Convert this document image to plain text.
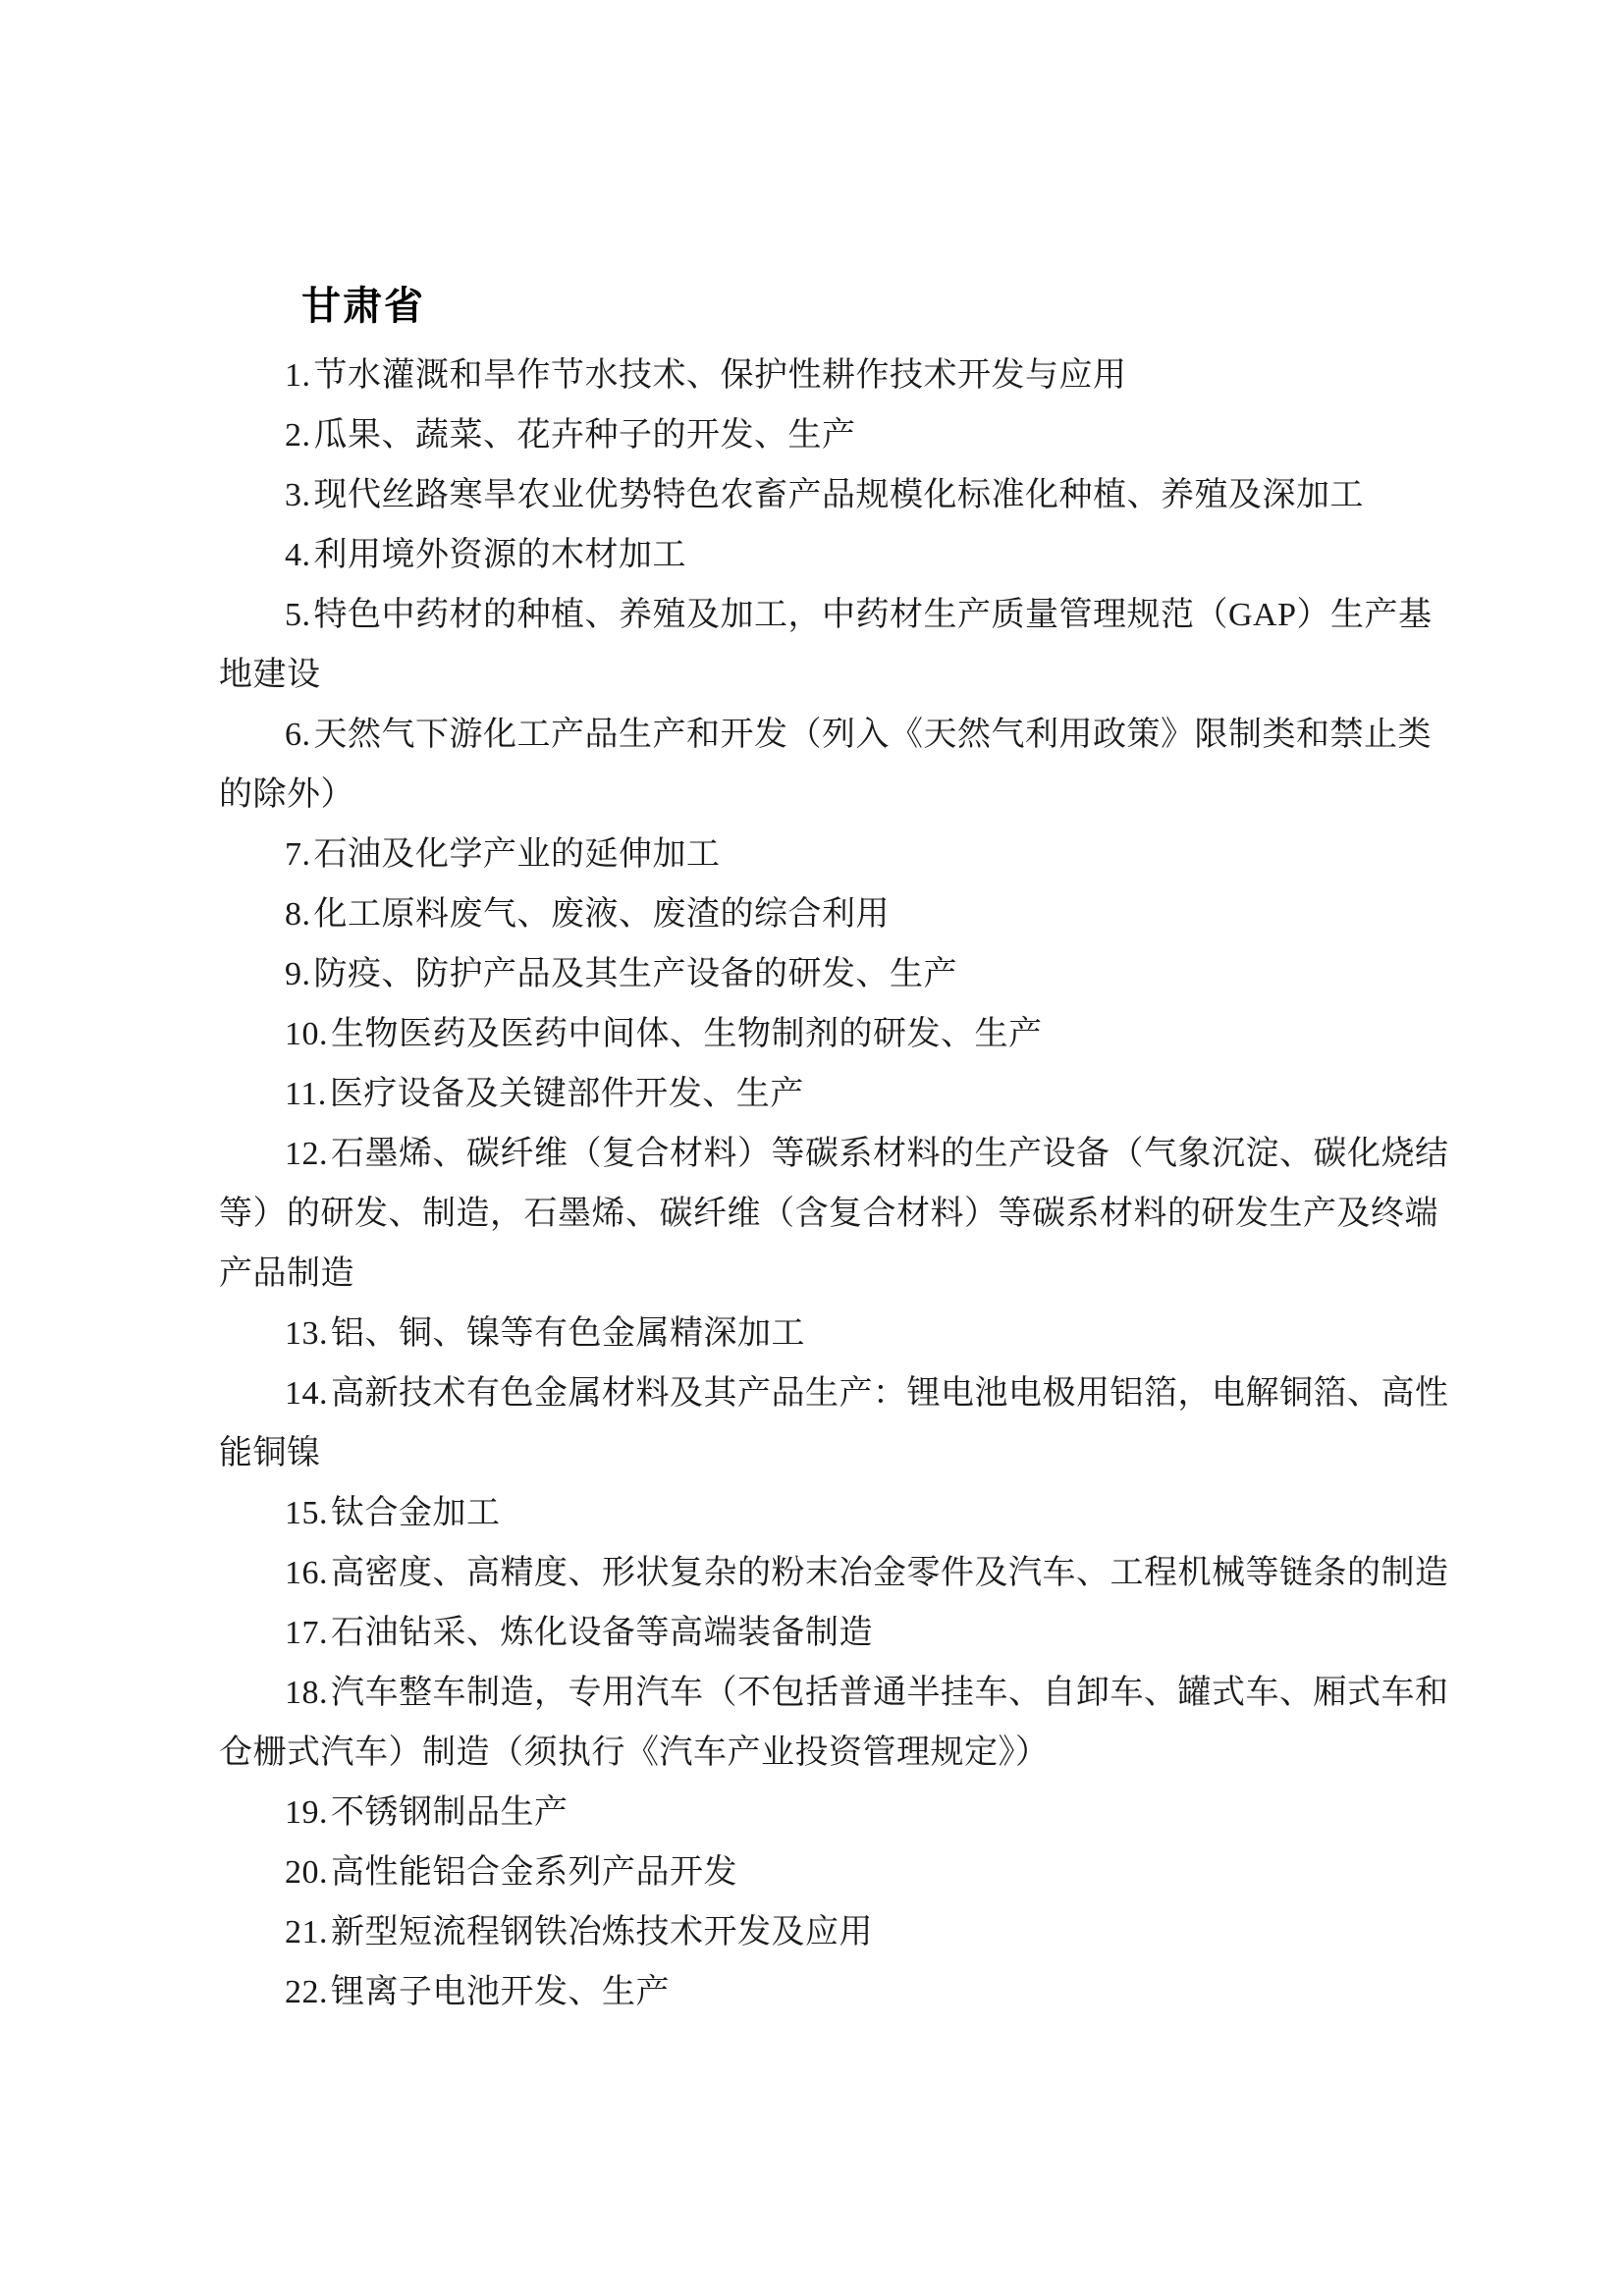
甘肃省

1.节水灌溉和旱作节水技术、保护性耕作技术开发与应用

2.瓜果、蔬菜、花卉种子的开发、生产

3.现代丝路寒旱农业优势特色农畜产品规模化标准化种植、养殖及深加工

4.利用境外资源的木材加工

5.特色中药材的种植、养殖及加工，中药材生产质量管理规范（GAP）生产基
地建设

6.天然气下游化工产品生产和开发（列入《天然气利用政策》限制类和禁止类
的除外）

7.石油及化学产业的延伸加工

8.化工原料废气、废液、废渣的综合利用

9.防疫、防护产品及其生产设备的研发、生产

10.生物医药及医药中间体、生物制剂的研发、生产

11.医疗设备及关键部件开发、生产

12.石墨烯、碳纤维（复合材料）等碳系材料的生产设备（气象沉淀、碳化烧结
等）的研发、制造，石墨烯、碳纤维（含复合材料）等碳系材料的研发生产及终端
产品制造

13.铝、铜、镍等有色金属精深加工

14.高新技术有色金属材料及其产品生产：锂电池电极用铝箔，电解铜箔、高性
能铜镍

15.钛合金加工

16.高密度、高精度、形状复杂的粉末冶金零件及汽车、工程机械等链条的制造

17.石油钻采、炼化设备等高端装备制造

18.汽车整车制造，专用汽车（不包括普通半挂车、自卸车、罐式车、厢式车和
仓栅式汽车）制造（须执行《汽车产业投资管理规定》）

19.不锈钢制品生产

20.高性能铝合金系列产品开发

21.新型短流程钢铁冶炼技术开发及应用

22.锂离子电池开发、生产
